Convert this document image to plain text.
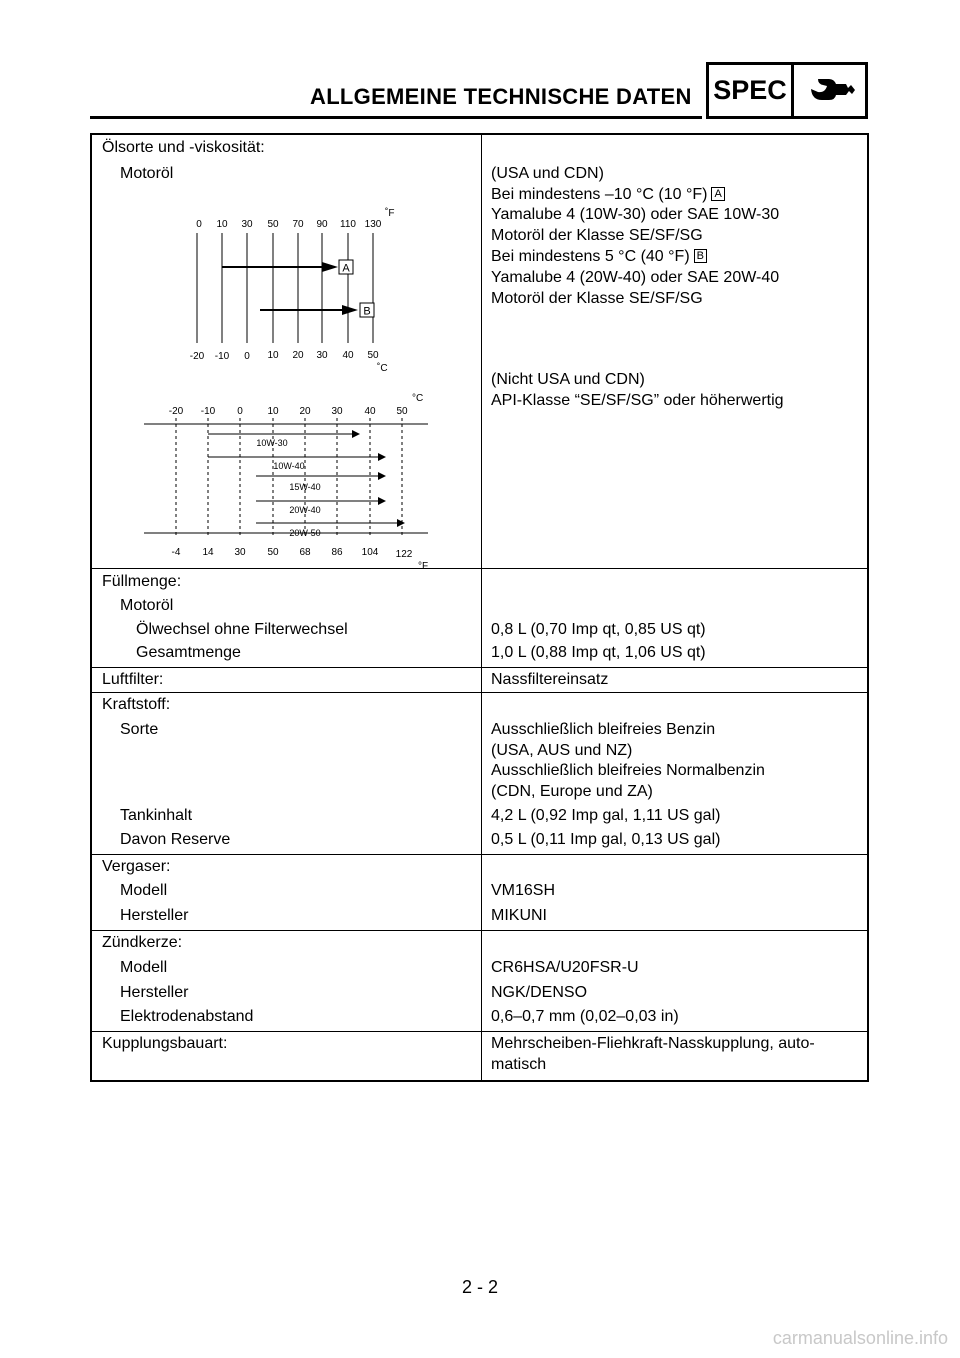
ALLGEMEINE TECHNISCHE DATEN SPEC
Ölsorte und -viskosität:
Motoröl	(USA und CDN)
Bei mindestens –10 °C (10 °F) A
Yamalube 4 (10W-30) oder SAE 10W-30
Motoröl der Klasse SE/SF/SG
Bei mindestens 5 °C (40 °F) B
Yamalube 4 (20W-40) oder SAE 20W-40
Motoröl der Klasse SE/SF/SG
(Nicht USA und CDN)
API-Klasse “SE/SF/SG” oder höherwertig
0 10 30 50 70 90 110 130
˚F
A
B
-20 -10 0 10 20 30 40 50
˚C
°C
-20 -10 0 10 20 30 40 50
10W-30
10W-40
15W-40
20W-40
20W-50
-4 14 30 50 68 86 104 122
°F
Füllmenge:
Motoröl
Ölwechsel ohne Filterwechsel	0,8 L (0,70 Imp qt, 0,85 US qt)
Gesamtmenge	1,0 L (0,88 Imp qt, 1,06 US qt)
Luftfilter:	Nassfiltereinsatz
Kraftstoff:
Sorte	Ausschließlich bleifreies Benzin
(USA, AUS und NZ)
Ausschließlich bleifreies Normalbenzin
(CDN, Europe und ZA)
Tankinhalt	4,2 L (0,92 Imp gal, 1,11 US gal)
Davon Reserve	0,5 L (0,11 Imp gal, 0,13 US gal)
Vergaser:
Modell	VM16SH
Hersteller	MIKUNI
Zündkerze:
Modell	CR6HSA/U20FSR-U
Hersteller	NGK/DENSO
Elektrodenabstand	0,6–0,7 mm (0,02–0,03 in)
Kupplungsbauart:	Mehrscheiben-Fliehkraft-Nasskupplung, auto-
matisch
2 - 2
carmanualsonline.info
